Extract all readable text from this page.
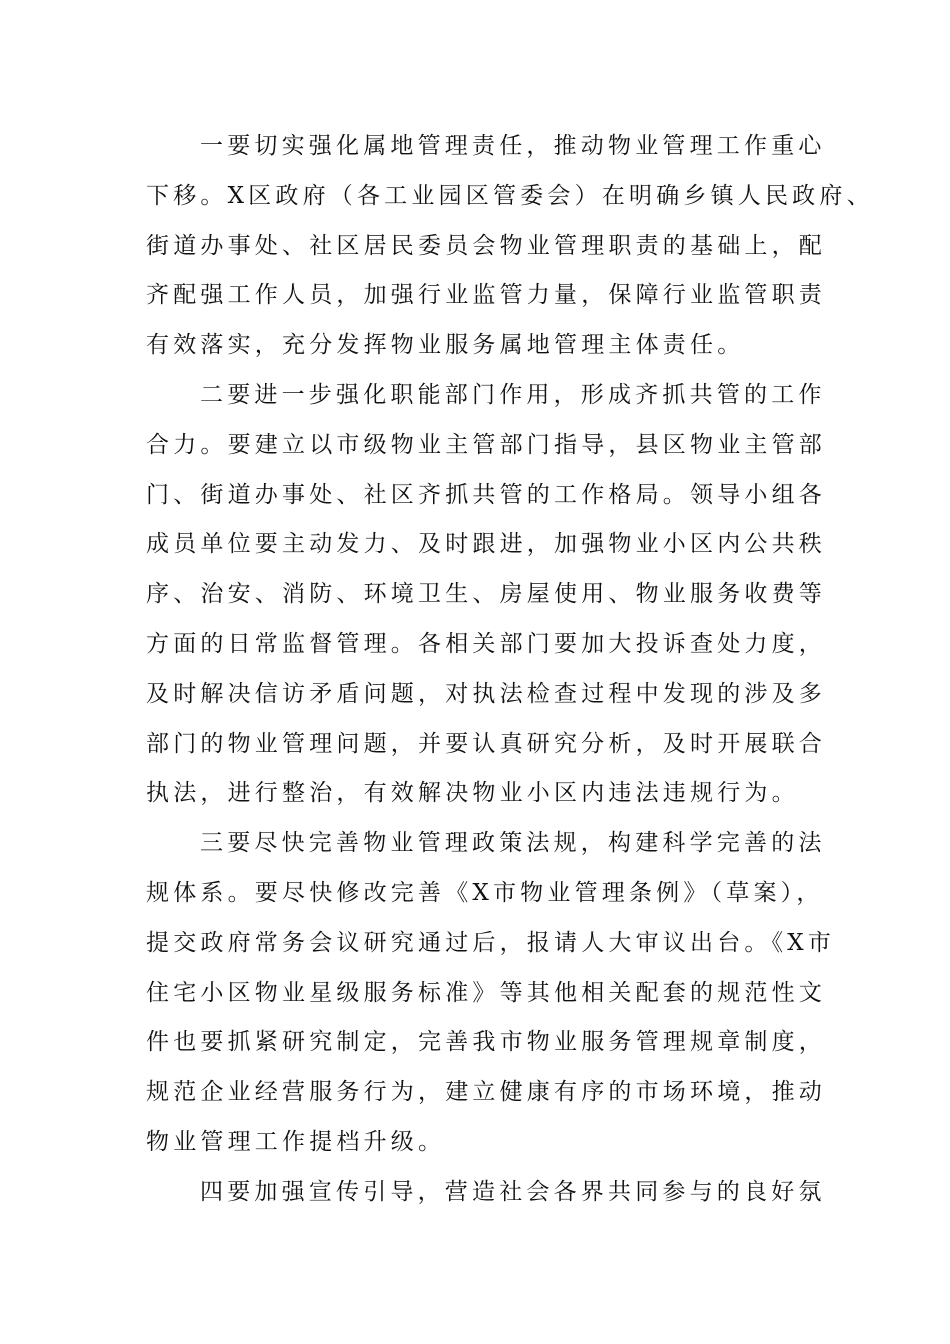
一要切实强化属地管理责任，推动物业管理工作重心
下移。X区政府（各工业园区管委会）在明确乡镇人民政府、
街道办事处、社区居民委员会物业管理职责的基础上，配
齐配强工作人员，加强行业监管力量，保障行业监管职责
有效落实，充分发挥物业服务属地管理主体责任。

二要进一步强化职能部门作用，形成齐抓共管的工作
合力。要建立以市级物业主管部门指导，县区物业主管部
门、街道办事处、社区齐抓共管的工作格局。领导小组各
成员单位要主动发力、及时跟进，加强物业小区内公共秩
序、治安、消防、环境卫生、房屋使用、物业服务收费等
方面的日常监督管理。各相关部门要加大投诉查处力度，
及时解决信访矛盾问题，对执法检查过程中发现的涉及多
部门的物业管理问题，并要认真研究分析，及时开展联合
执法，进行整治，有效解决物业小区内违法违规行为。

三要尽快完善物业管理政策法规，构建科学完善的法
规体系。要尽快修改完善《X市物业管理条例》（草案），
提交政府常务会议研究通过后，报请人大审议出台。《X市
住宅小区物业星级服务标准》等其他相关配套的规范性文
件也要抓紧研究制定，完善我市物业服务管理规章制度，
规范企业经营服务行为，建立健康有序的市场环境，推动
物业管理工作提档升级。

四要加强宣传引导，营造社会各界共同参与的良好氛
